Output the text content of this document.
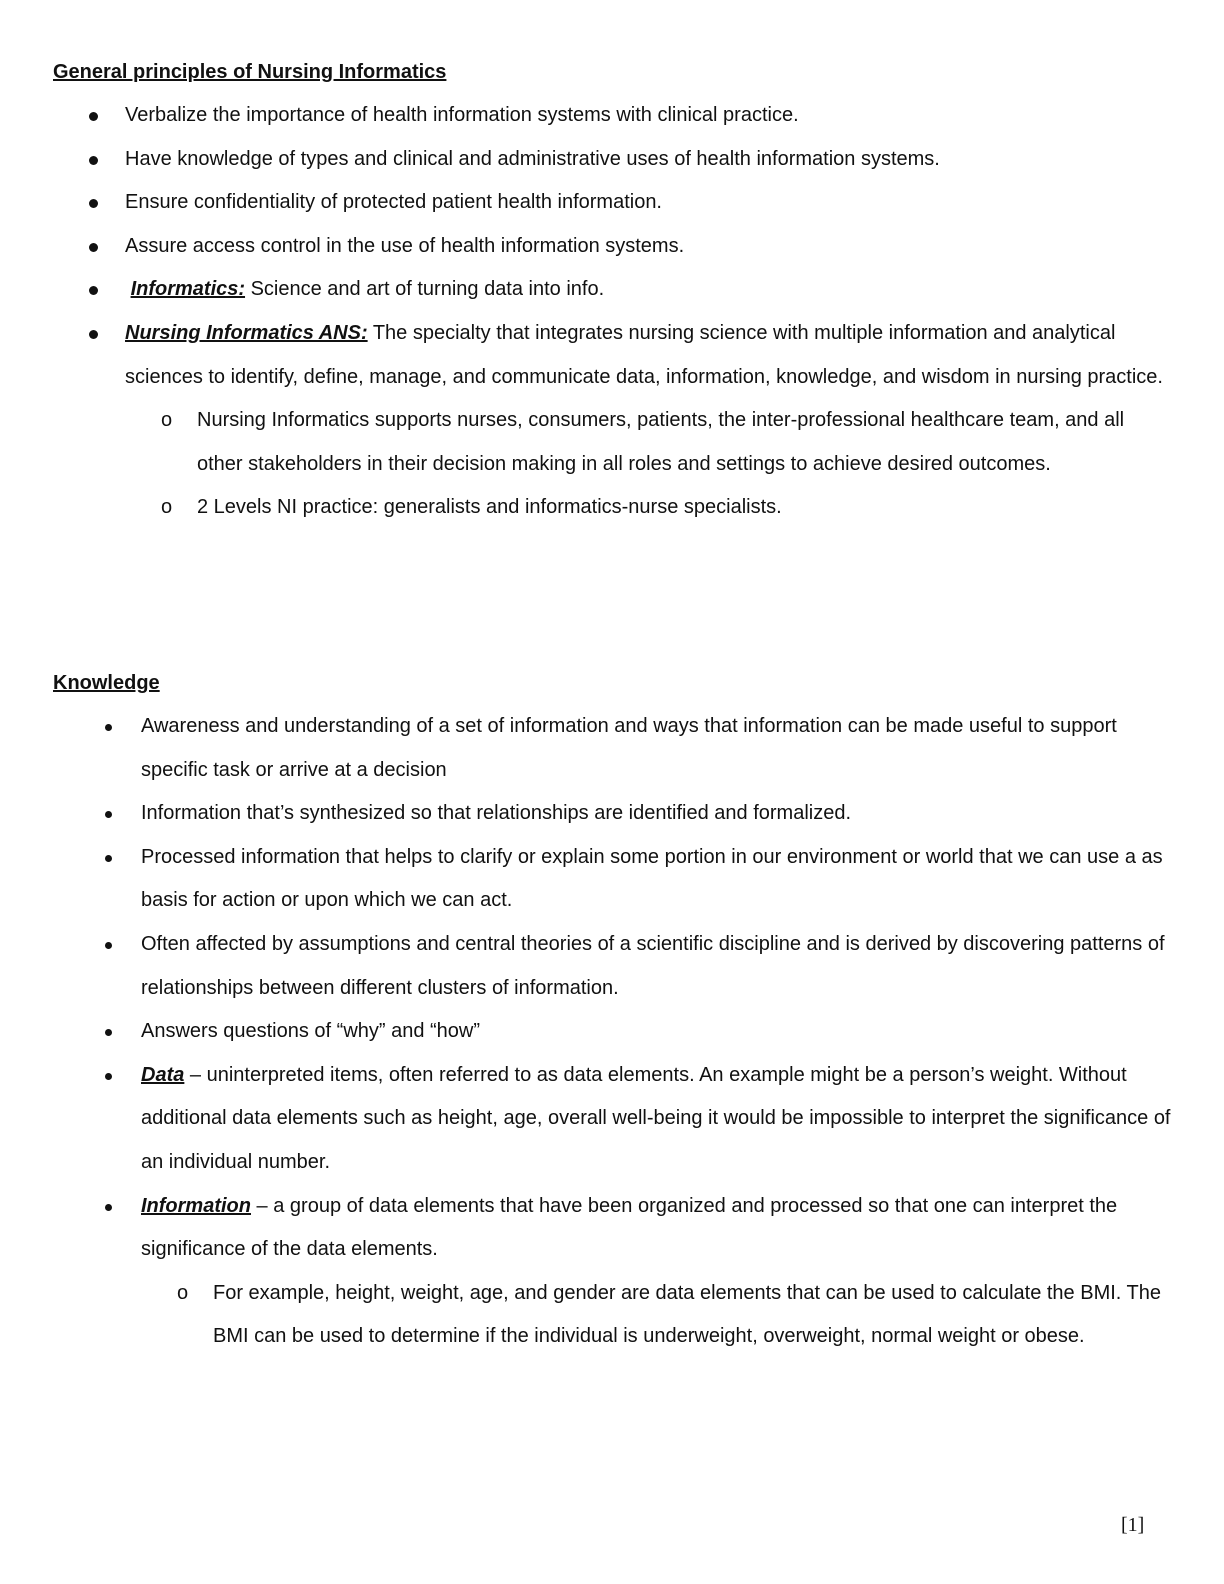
General principles of Nursing Informatics
Verbalize the importance of health information systems with clinical practice.
Have knowledge of types and clinical and administrative uses of health information systems.
Ensure confidentiality of protected patient health information.
Assure access control in the use of health information systems.
Informatics: Science and art of turning data into info.
Nursing Informatics ANS: The specialty that integrates nursing science with multiple information and analytical sciences to identify, define, manage, and communicate data, information, knowledge, and wisdom in nursing practice.
o Nursing Informatics supports nurses, consumers, patients, the inter-professional healthcare team, and all other stakeholders in their decision making in all roles and settings to achieve desired outcomes.
o 2 Levels NI practice: generalists and informatics-nurse specialists.
Knowledge
Awareness and understanding of a set of information and ways that information can be made useful to support specific task or arrive at a decision
Information that’s synthesized so that relationships are identified and formalized.
Processed information that helps to clarify or explain some portion in our environment or world that we can use a as basis for action or upon which we can act.
Often affected by assumptions and central theories of a scientific discipline and is derived by discovering patterns of relationships between different clusters of information.
Answers questions of “why” and “how”
Data – uninterpreted items, often referred to as data elements. An example might be a person’s weight. Without additional data elements such as height, age, overall well-being it would be impossible to interpret the significance of an individual number.
Information – a group of data elements that have been organized and processed so that one can interpret the significance of the data elements.
o For example, height, weight, age, and gender are data elements that can be used to calculate the BMI. The BMI can be used to determine if the individual is underweight, overweight, normal weight or obese.
[1]
